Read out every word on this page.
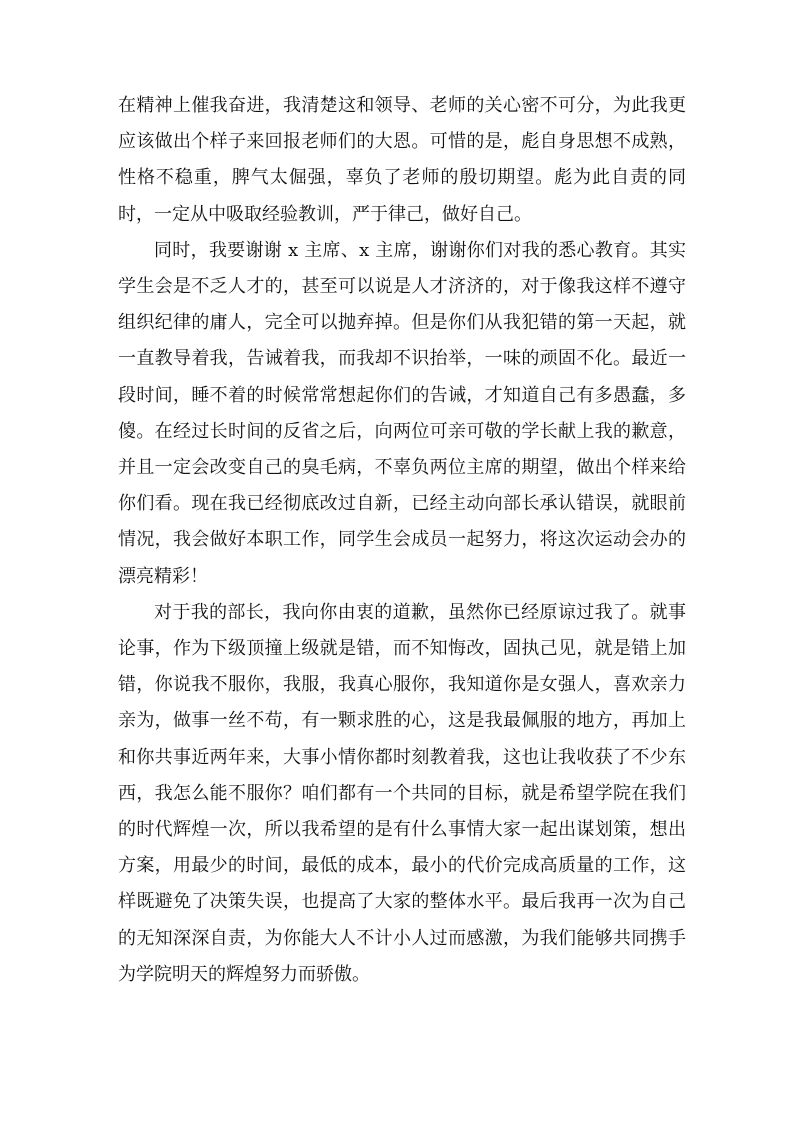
在精神上催我奋进，我清楚这和领导、老师的关心密不可分，为此我更应该做出个样子来回报老师们的大恩。可惜的是，彪自身思想不成熟，性格不稳重，脾气太倔强，辜负了老师的殷切期望。彪为此自责的同时，一定从中吸取经验教训，严于律己，做好自己。

同时，我要谢谢 x 主席、x 主席，谢谢你们对我的悉心教育。其实学生会是不乏人才的，甚至可以说是人才济济的，对于像我这样不遵守组织纪律的庸人，完全可以抛弃掉。但是你们从我犯错的第一天起，就一直教导着我，告诫着我，而我却不识抬举，一味的顽固不化。最近一段时间，睡不着的时候常常想起你们的告诫，才知道自己有多愚蠢，多傻。在经过长时间的反省之后，向两位可亲可敬的学长献上我的歉意，并且一定会改变自己的臭毛病，不辜负两位主席的期望，做出个样来给你们看。现在我已经彻底改过自新，已经主动向部长承认错误，就眼前情况，我会做好本职工作，同学生会成员一起努力，将这次运动会办的漂亮精彩！

对于我的部长，我向你由衷的道歉，虽然你已经原谅过我了。就事论事，作为下级顶撞上级就是错，而不知悔改，固执己见，就是错上加错，你说我不服你，我服，我真心服你，我知道你是女强人，喜欢亲力亲为，做事一丝不苟，有一颗求胜的心，这是我最佩服的地方，再加上和你共事近两年来，大事小情你都时刻教着我，这也让我收获了不少东西，我怎么能不服你？咱们都有一个共同的目标，就是希望学院在我们的时代辉煌一次，所以我希望的是有什么事情大家一起出谋划策，想出方案，用最少的时间，最低的成本，最小的代价完成高质量的工作，这样既避免了决策失误，也提高了大家的整体水平。最后我再一次为自己的无知深深自责，为你能大人不计小人过而感激，为我们能够共同携手为学院明天的辉煌努力而骄傲。
